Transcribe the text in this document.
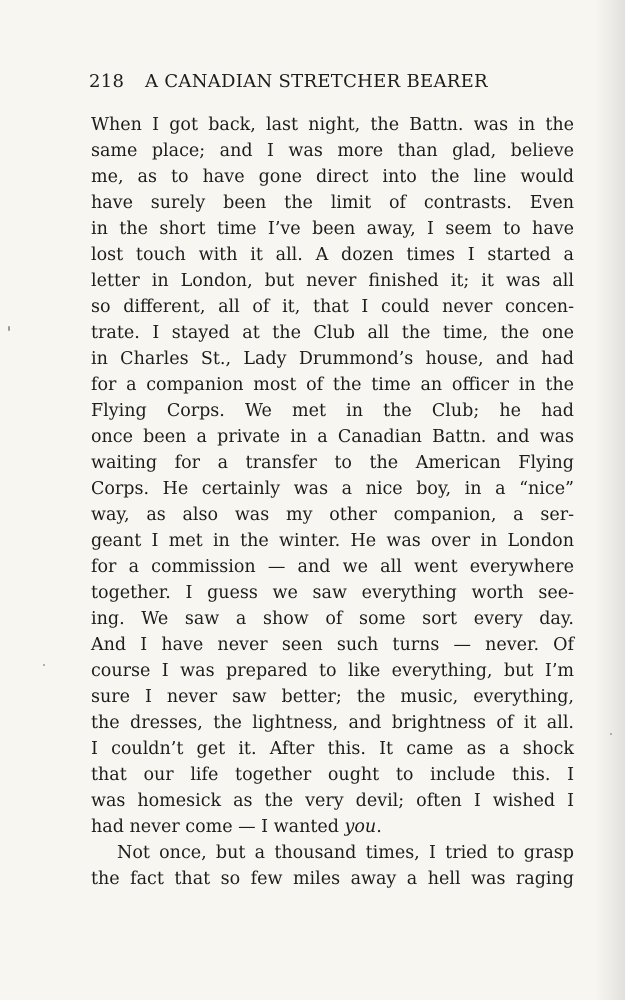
218 A CANADIAN STRETCHER BEARER
When I got back, last night, the Battn. was in the
same place; and I was more than glad, believe
me, as to have gone direct into the line would
have surely been the limit of contrasts. Even
in the short time I’ve been away, I seem to have
lost touch with it all. A dozen times I started a
letter in London, but never finished it; it was all
so different, all of it, that I could never concen-
trate. I stayed at the Club all the time, the one
in Charles St., Lady Drummond’s house, and had
for a companion most of the time an officer in the
Flying Corps. We met in the Club; he had
once been a private in a Canadian Battn. and was
waiting for a transfer to the American Flying
Corps. He certainly was a nice boy, in a “nice”
way, as also was my other companion, a ser-
geant I met in the winter. He was over in London
for a commission — and we all went everywhere
together. I guess we saw everything worth see-
ing. We saw a show of some sort every day.
And I have never seen such turns — never. Of
course I was prepared to like everything, but I’m
sure I never saw better; the music, everything,
the dresses, the lightness, and brightness of it all.
I couldn’t get it. After this. It came as a shock
that our life together ought to include this. I
was homesick as the very devil; often I wished I
had never come — I wanted you.
Not once, but a thousand times, I tried to grasp
the fact that so few miles away a hell was raging
